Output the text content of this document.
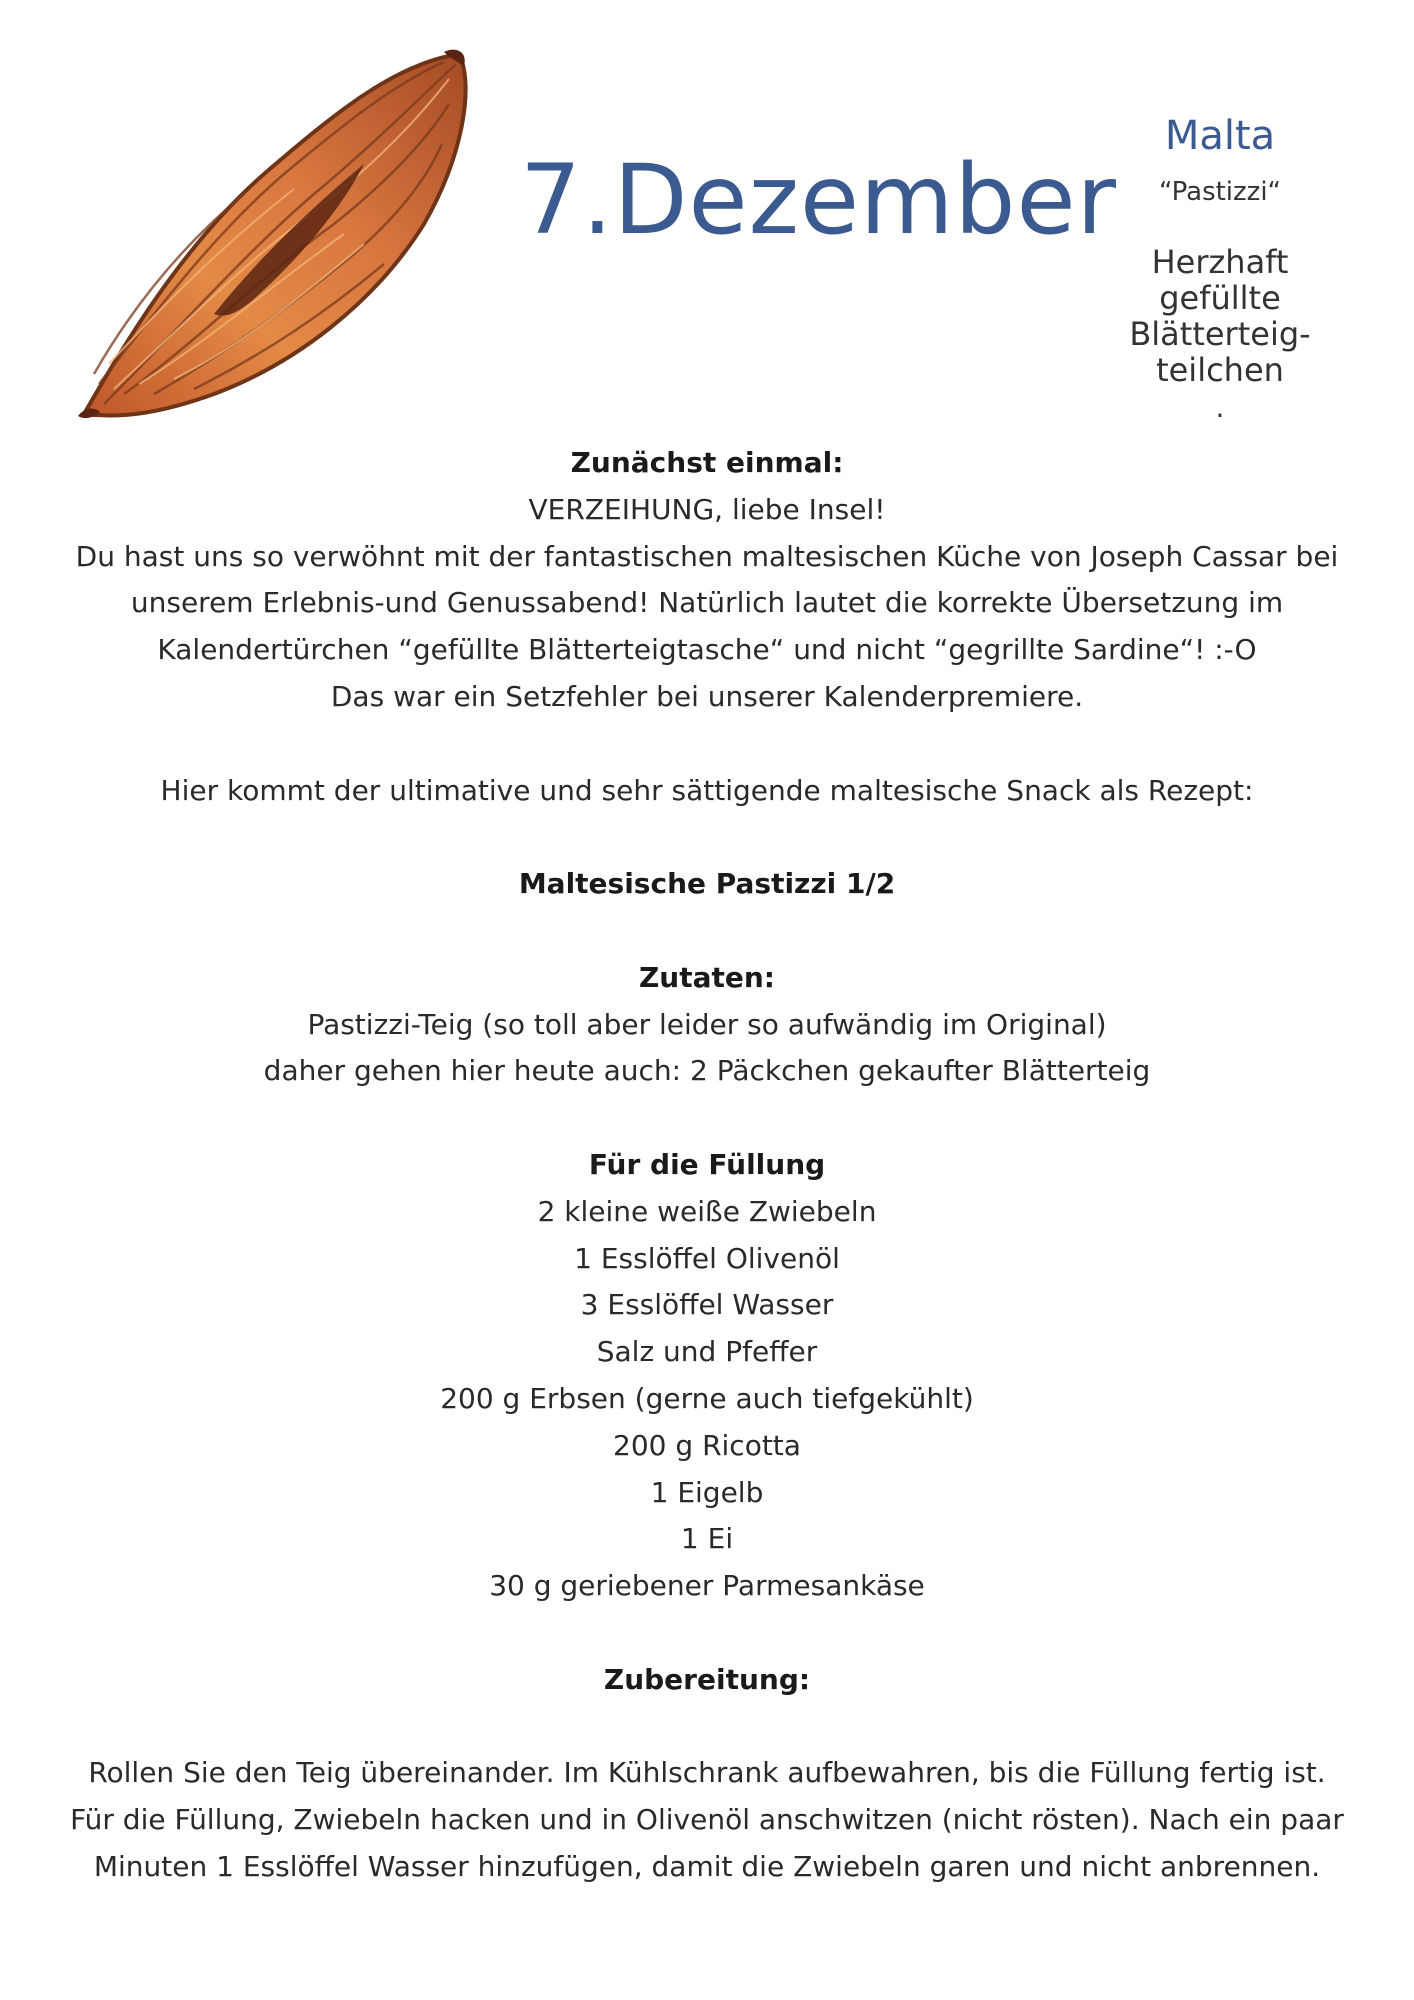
7.Dezember
Malta
“Pastizzi“
Herzhaft
gefüllte
Blätterteig-
teilchen
.
Zunächst einmal:
VERZEIHUNG, liebe Insel!
Du hast uns so verwöhnt mit der fantastischen maltesischen Küche von Joseph Cassar bei
unserem Erlebnis-und Genussabend! Natürlich lautet die korrekte Übersetzung im
Kalendertürchen “gefüllte Blätterteigtasche“ und nicht “gegrillte Sardine“! :-O
Das war ein Setzfehler bei unserer Kalenderpremiere.
Hier kommt der ultimative und sehr sättigende maltesische Snack als Rezept:
Maltesische Pastizzi 1/2
Zutaten:
Pastizzi-Teig (so toll aber leider so aufwändig im Original)
daher gehen hier heute auch: 2 Päckchen gekaufter Blätterteig
Für die Füllung
2 kleine weiße Zwiebeln
1 Esslöffel Olivenöl
3 Esslöffel Wasser
Salz und Pfeffer
200 g Erbsen (gerne auch tiefgekühlt)
200 g Ricotta
1 Eigelb
1 Ei
30 g geriebener Parmesankäse
Zubereitung:
Rollen Sie den Teig übereinander. Im Kühlschrank aufbewahren, bis die Füllung fertig ist.
Für die Füllung, Zwiebeln hacken und in Olivenöl anschwitzen (nicht rösten). Nach ein paar
Minuten 1 Esslöffel Wasser hinzufügen, damit die Zwiebeln garen und nicht anbrennen.
